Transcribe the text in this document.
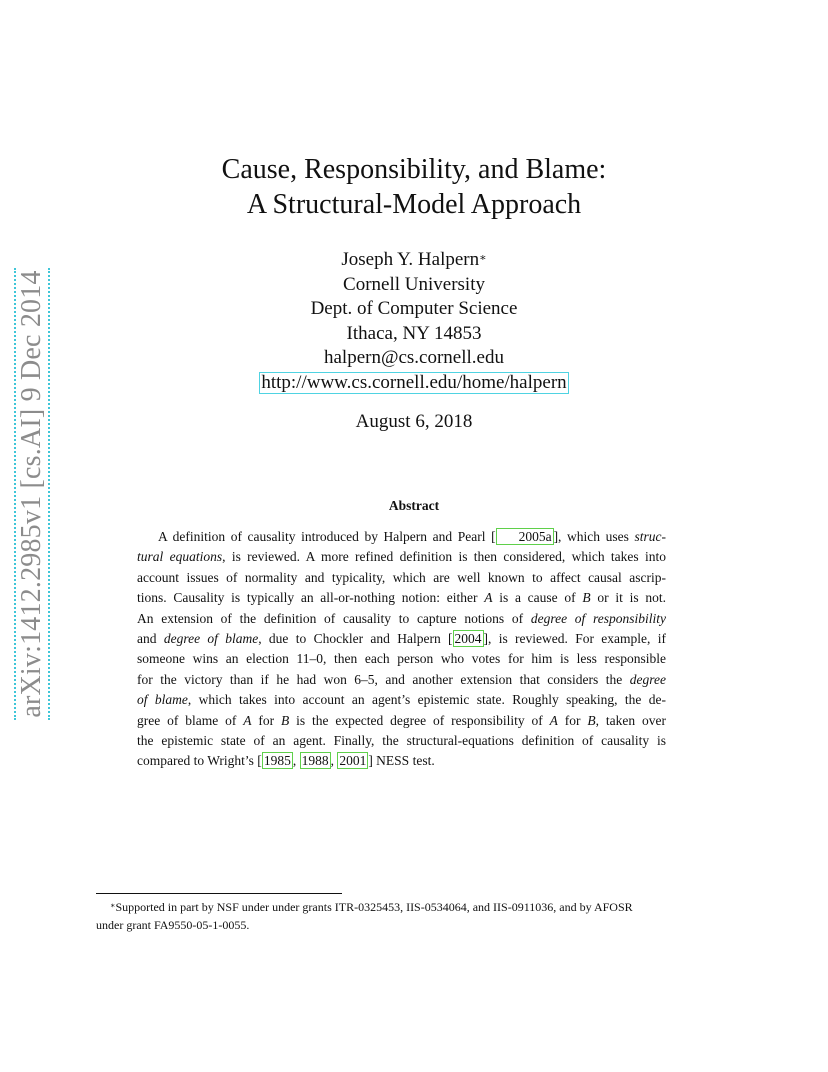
arXiv:1412.2985v1 [cs.AI] 9 Dec 2014
Cause, Responsibility, and Blame:
A Structural-Model Approach
Joseph Y. Halpern∗
Cornell University
Dept. of Computer Science
Ithaca, NY 14853
halpern@cs.cornell.edu
http://www.cs.cornell.edu/home/halpern
August 6, 2018
Abstract
A definition of causality introduced by Halpern and Pearl [ 2005a ], which uses struc-
tural equations, is reviewed. A more refined definition is then considered, which takes into
account issues of normality and typicality, which are well known to affect causal ascrip-
tions. Causality is typically an all-or-nothing notion: either A is a cause of B or it is not.
An extension of the definition of causality to capture notions of degree of responsibility
and degree of blame, due to Chockler and Halpern [ 2004 ], is reviewed. For example, if
someone wins an election 11–0, then each person who votes for him is less responsible
for the victory than if he had won 6–5, and another extension that considers the degree
of blame, which takes into account an agent’s epistemic state. Roughly speaking, the de-
gree of blame of A for B is the expected degree of responsibility of A for B, taken over
the epistemic state of an agent. Finally, the structural-equations definition of causality is
compared to Wright’s [ 1985 , 1988 , 2001 ] NESS test.
∗Supported in part by NSF under under grants ITR-0325453, IIS-0534064, and IIS-0911036, and by AFOSR
under grant FA9550-05-1-0055.
